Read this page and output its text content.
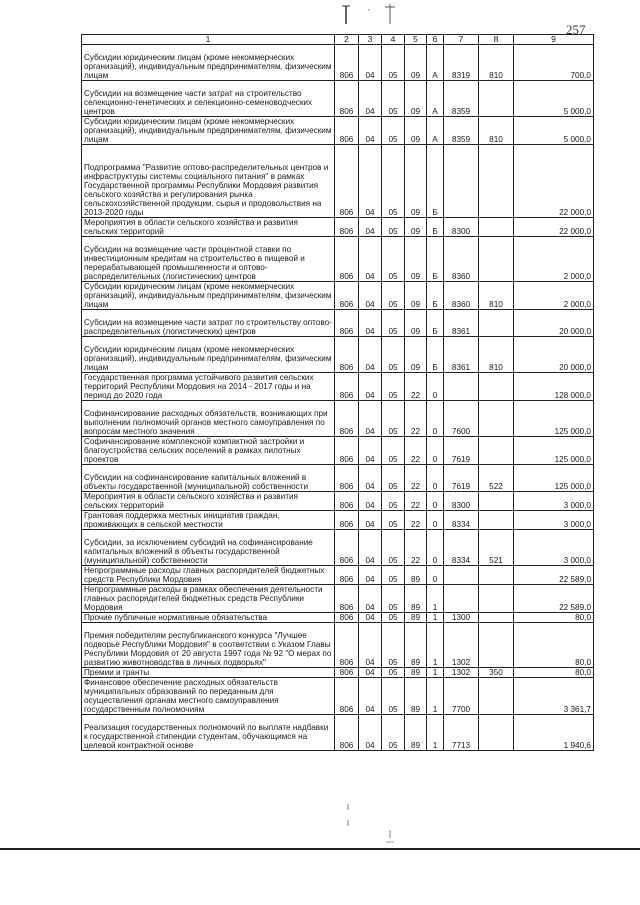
257
1	2	3	4	5	6	7	8	9
Субсидии юридическим лицам (кроме некоммерческих организаций), индивидуальным предпринимателям, физическим лицам	806	04	05	09	А	8319	810	700,0
Субсидии на возмещение части затрат на строительство селекционно-генетических и селекционно-семеноводческих центров	806	04	05	09	А	8359		5 000,0
Субсидии юридическим лицам (кроме некоммерческих организаций), индивидуальным предпринимателям, физическим лицам	806	04	05	09	А	8359	810	5 000,0
Подпрограмма "Развитие оптово-распределительных центров и инфраструктуры системы социального питания" в рамках Государственной программы Республики Мордовия развития сельского хозяйства и регулирования рынка сельскохозяйственной продукции, сырья и продовольствия на 2013-2020 годы	806	04	05	09	Б			22 000,0
Мероприятия в области сельского хозяйства и развития сельских территорий	806	04	05	09	Б	8300		22 000,0
Субсидии на возмещение части процентной ставки по инвестиционным кредитам на строительство в пищевой и перерабатывающей промышленности и оптово-распределительных (логистических) центров	806	04	05	09	Б	8360		2 000,0
Субсидии юридическим лицам (кроме некоммерческих организаций), индивидуальным предпринимателям, физическим лицам	806	04	05	09	Б	8360	810	2 000,0
Субсидии на возмещение части затрат по строительству оптово-распределительных (логистических) центров	806	04	05	09	Б	8361		20 000,0
Субсидии юридическим лицам (кроме некоммерческих организаций), индивидуальным предпринимателям, физическим лицам	806	04	05	09	Б	8361	810	20 000,0
Государственная программа устойчивого развития сельских территорий Республики Мордовия на 2014 - 2017 годы и на период до 2020 года	806	04	05	22	0			128 000,0
Софинансирование расходных обязательств, возникающих при выполнении полномочий органов местного самоуправления по вопросам местного значения	806	04	05	22	0	7600		125 000,0
Софинансирование комплексной компактной застройки и благоустройства сельских поселений в рамках пилотных проектов	806	04	05	22	0	7619		125 000,0
Субсидии на софинансирование капитальных вложений в объекты государственной (муниципальной) собственности	806	04	05	22	0	7619	522	125 000,0
Мероприятия в области сельского хозяйства и развития сельских территорий	806	04	05	22	0	8300		3 000,0
Грантовая поддержка местных инициатив граждан, проживающих в сельской местности	806	04	05	22	0	8334		3 000,0
Субсидии, за исключением субсидий на софинансирование капитальных вложений в объекты государственной (муниципальной) собственности	806	04	05	22	0	8334	521	3 000,0
Непрограммные расходы главных распорядителей бюджетных средств Республики Мордовия	806	04	05	89	0			22 589,0
Непрограммные расходы в рамках обеспечения деятельности главных распорядителей бюджетных средств Республики Мордовия	806	04	05	89	1			22 589,0
Прочие публичные нормативные обязательства	806	04	05	89	1	1300		80,0
Премия победителям республиканского конкурса "Лучшее подворье Республики Мордовия" в соответствии с Указом Главы Республики Мордовия от 20 августа 1997 года № 92 "О мерах по развитию животноводства в личных подворьях"	806	04	05	89	1	1302		80,0
Премии и гранты	806	04	05	89	1	1302	350	80,0
Финансовое обеспечение расходных обязательств муниципальных образований по переданным для осуществления органам местного самоуправления государственным полномочиям	806	04	05	89	1	7700		3 361,7
Реализация государственных полномочий по выплате надбавки к государственной стипендии студентам, обучающимся на целевой контрактной основе	806	04	05	89	1	7713		1 940,6
